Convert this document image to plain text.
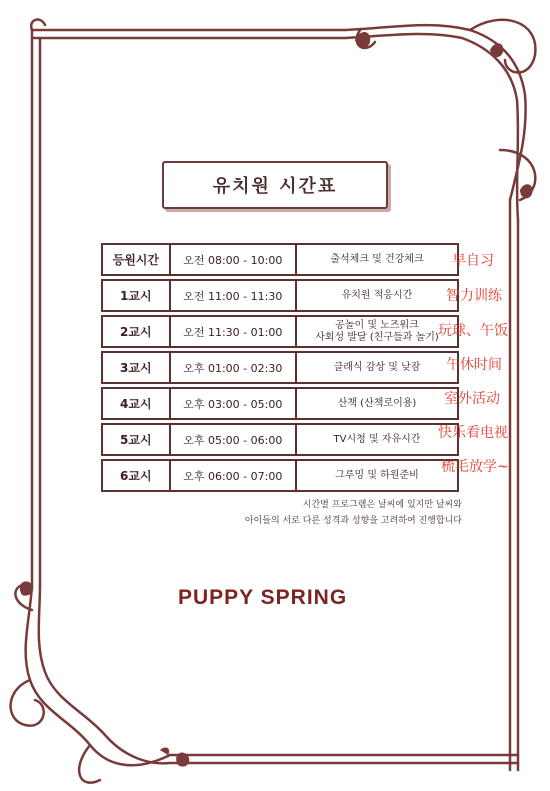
유치원 시간표
등원시간	오전 08:00 - 10:00	출석체크 및 건강체크

1교시	오전 11:00 - 11:30	유치원 적응시간

2교시	오전 11:30 - 01:00	공놀이 및 노즈워크
사회성 발달 (친구들과 놀기)

3교시	오후 01:00 - 02:30	클래식 감상 및 낮잠

4교시	오후 03:00 - 05:00	산책 (산책로이용)

5교시	오후 05:00 - 06:00	TV시청 및 자유시간

6교시	오후 06:00 - 07:00	그루밍 및 하원준비
早自习
智力训练
玩球、午饭
午休时间
室外活动
快乐看电视
梳毛放学~
시간별 프로그램은 날씨에 있지만 날씨와
아이들의 서로 다른 성격과 성향을 고려하여 진행합니다
PUPPY SPRING
